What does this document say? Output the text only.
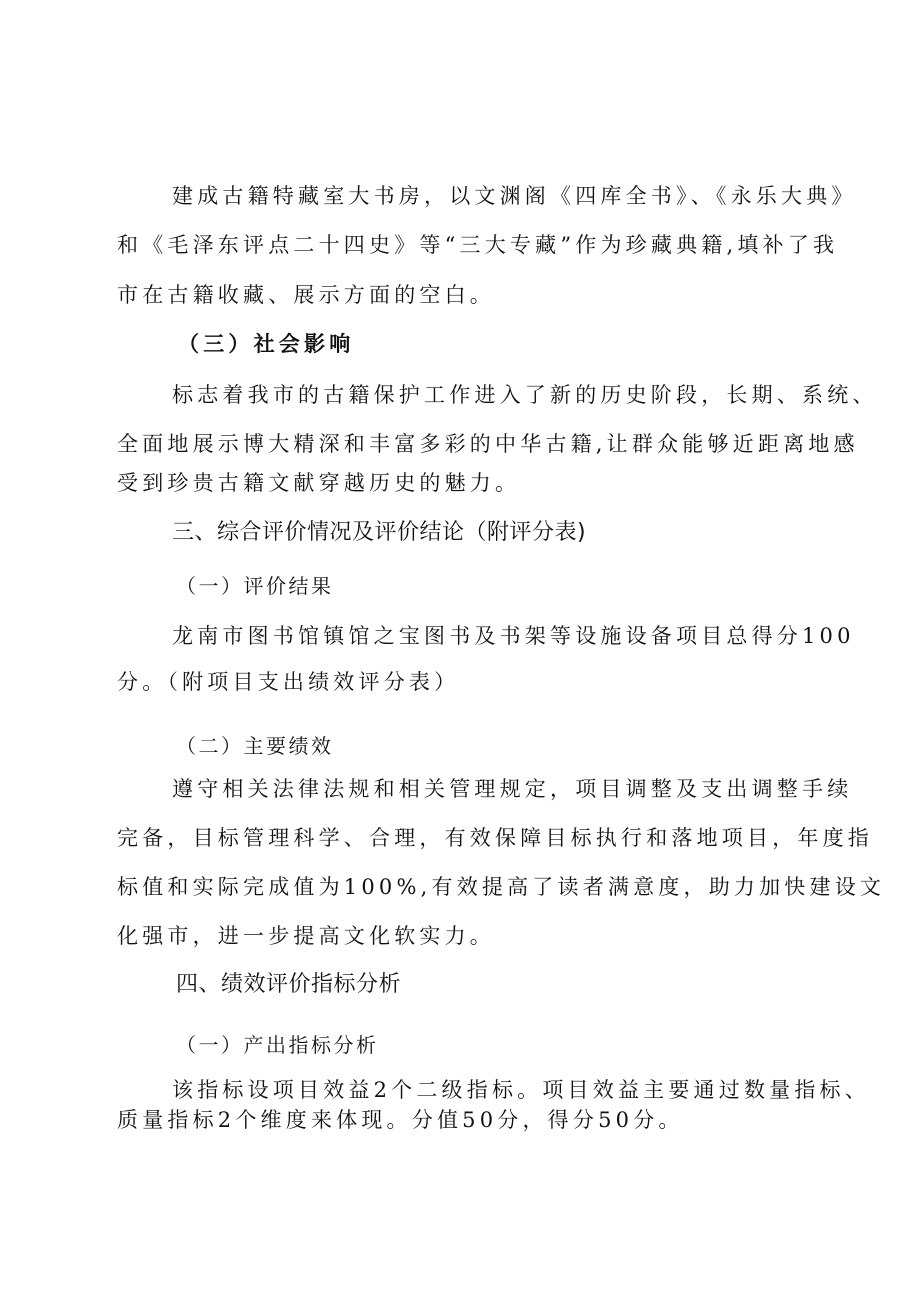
建成古籍特藏室大书房，以文渊阁《四库全书》、《永乐大典》
和《毛泽东评点二十四史》等“三大专藏”作为珍藏典籍,填补了我
市在古籍收藏、展示方面的空白。
（三）社会影响
标志着我市的古籍保护工作进入了新的历史阶段，长期、系统、
全面地展示博大精深和丰富多彩的中华古籍,让群众能够近距离地感
受到珍贵古籍文献穿越历史的魅力。
三、综合评价情况及评价结论（附评分表)
（一）评价结果
龙南市图书馆镇馆之宝图书及书架等设施设备项目总得分100
分。（附项目支出绩效评分表）
（二）主要绩效
遵守相关法律法规和相关管理规定，项目调整及支出调整手续
完备，目标管理科学、合理，有效保障目标执行和落地项目，年度指
标值和实际完成值为100%,有效提高了读者满意度，助力加快建设文
化强市，进一步提高文化软实力。
四、绩效评价指标分析
（一）产出指标分析
该指标设项目效益2个二级指标。项目效益主要通过数量指标、
质量指标2个维度来体现。分值50分，得分50分。
